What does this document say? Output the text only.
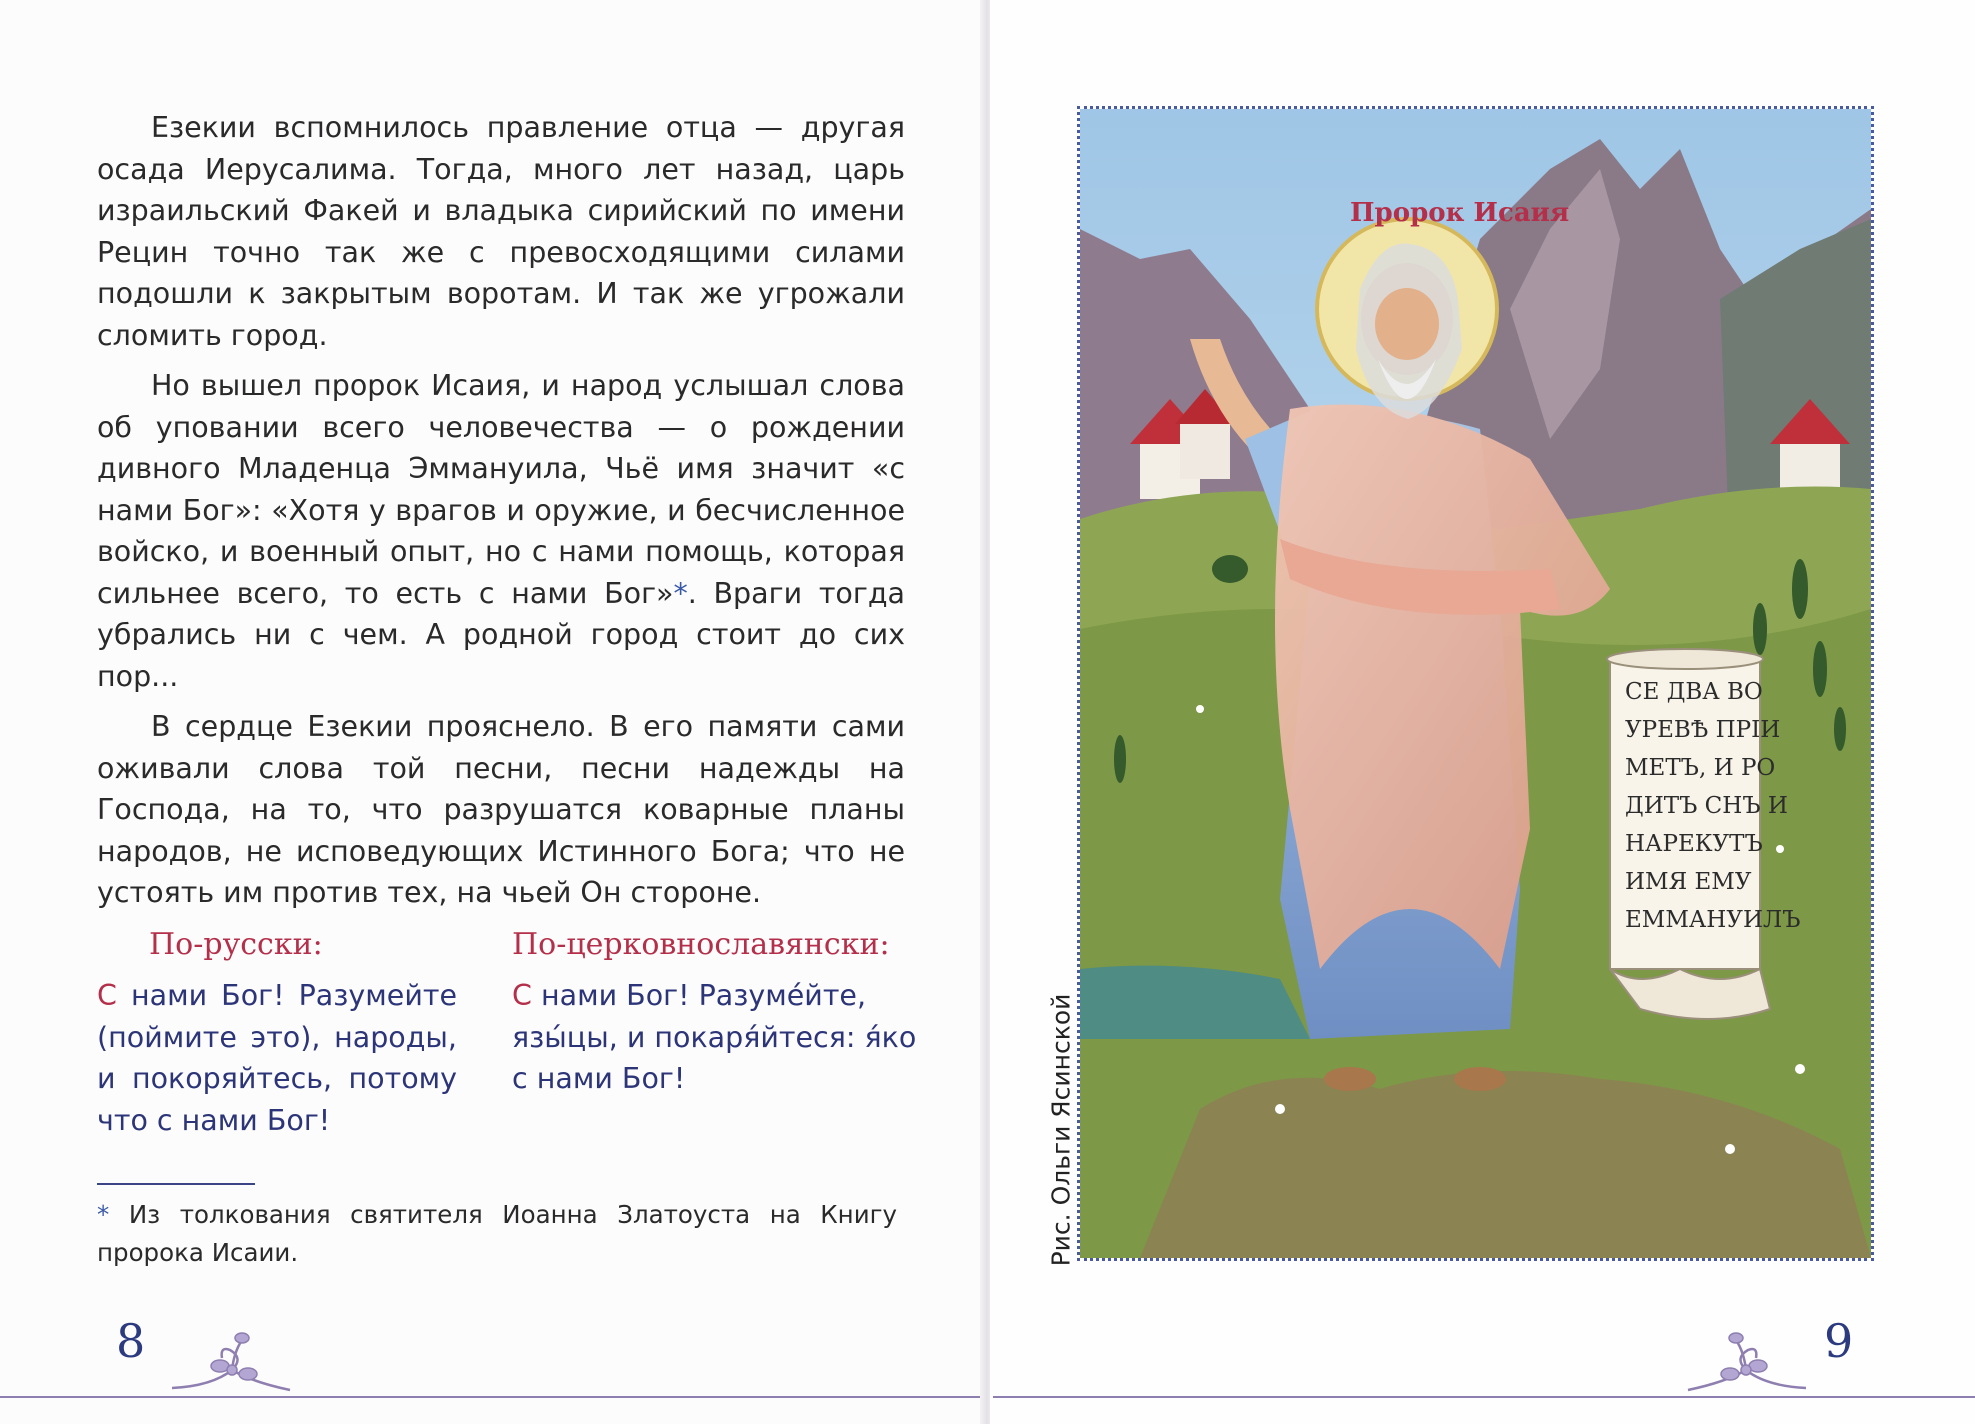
Езекии вспомнилось правление отца — другая осада Иерусалима. Тогда, много лет назад, царь израильский Факей и владыка сирийский по имени Рецин точно так же с превосходящими силами подошли к закрытым воротам. И так же угрожали сломить город.

Но вышел пророк Исаия, и народ услышал слова об уповании всего человечества — о рождении дивного Младенца Эммануила, Чьё имя значит «с нами Бог»: «Хотя у врагов и оружие, и бесчисленное войско, и военный опыт, но с нами помощь, которая сильнее всего, то есть с нами Бог»*. Враги тогда убрались ни с чем. А родной город стоит до сих пор...

В сердце Езекии прояснело. В его памяти сами оживали слова той песни, песни надежды на Господа, на то, что разрушатся коварные планы народов, не исповедующих Истинного Бога; что не устоять им против тех, на чьей Он стороне.

По-русски:

С нами Бог! Разумейте (поймите это), народы, и покоряйтесь, потому что с нами Бог!

По-церковнославянски:

С нами Бог! Разуме́йте, язы́цы, и покаря́йтеся: я́ко с нами Бог!

* Из толкования святителя Иоанна Златоуста на Книгу пророка Исаии.

8
Рис. Ольги Ясинской
СЕ ДВА ВО
УРЕВѢ ПРІИ
МЕТЪ, И РО
ДИТЪ СНЪ И
НАРЕКУТЪ
ИМЯ ЕМУ
ЕММАНУИЛЪ
Пророк Исаия
9
